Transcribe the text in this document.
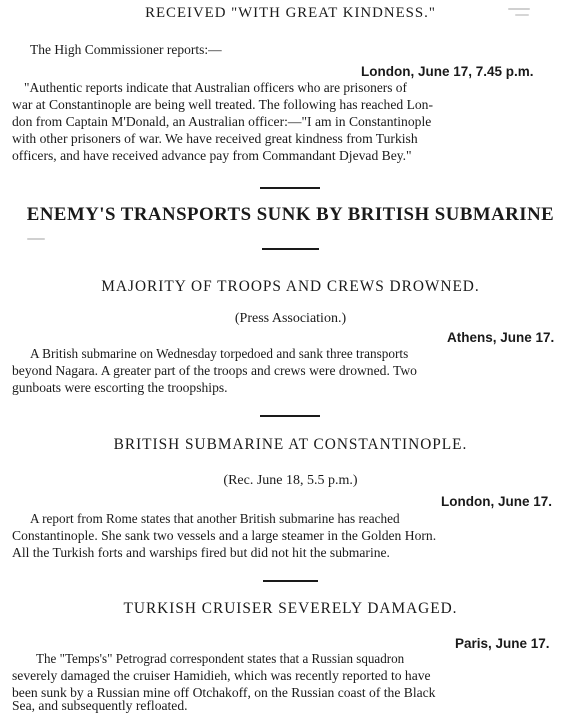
RECEIVED "WITH GREAT KINDNESS."
The High Commissioner reports:—
London, June 17, 7.45 p.m.
"Authentic reports indicate that Australian officers who are prisoners of
war at Constantinople are being well treated. The following has reached Lon-
don from Captain M'Donald, an Australian officer:—"I am in Constantinople
with other prisoners of war. We have received great kindness from Turkish
officers, and have received advance pay from Commandant Djevad Bey."
ENEMY'S TRANSPORTS SUNK BY BRITISH SUBMARINE
MAJORITY OF TROOPS AND CREWS DROWNED.
(Press Association.)
Athens, June 17.
A British submarine on Wednesday torpedoed and sank three transports
beyond Nagara. A greater part of the troops and crews were drowned. Two
gunboats were escorting the troopships.
BRITISH SUBMARINE AT CONSTANTINOPLE.
(Rec. June 18, 5.5 p.m.)
London, June 17.
A report from Rome states that another British submarine has reached
Constantinople. She sank two vessels and a large steamer in the Golden Horn.
All the Turkish forts and warships fired but did not hit the submarine.
TURKISH CRUISER SEVERELY DAMAGED.
Paris, June 17.
The "Temps's" Petrograd correspondent states that a Russian squadron
severely damaged the cruiser Hamidieh, which was recently reported to have
been sunk by a Russian mine off Otchakoff, on the Russian coast of the Black
Sea, and subsequently refloated.
